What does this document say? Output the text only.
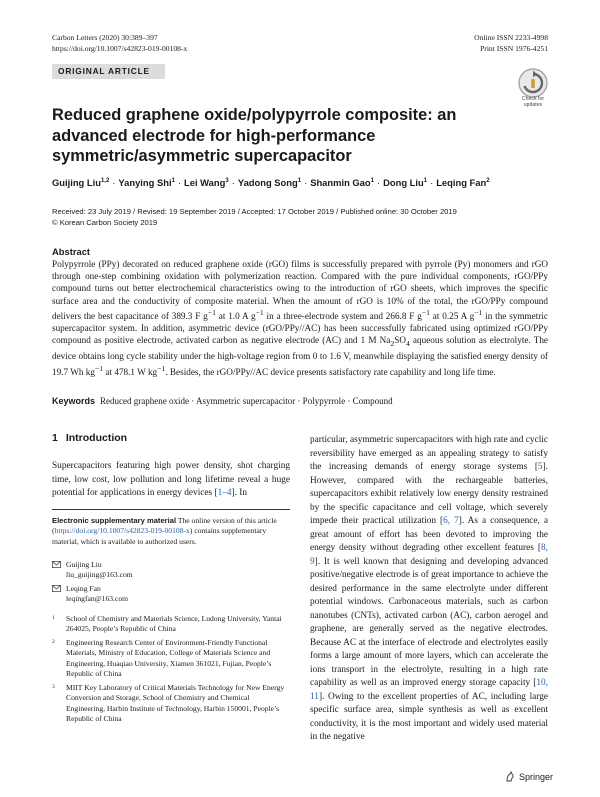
Carbon Letters (2020) 30:389–397
https://doi.org/10.1007/s42823-019-00108-x
Online ISSN 2233-4998
Print ISSN 1976-4251
ORIGINAL ARTICLE
Check for
updates
Reduced graphene oxide/polypyrrole composite: an advanced electrode for high-performance symmetric/asymmetric supercapacitor
Guijing Liu$^{1,2}$ · Yanying Shi$^1$ · Lei Wang$^3$ · Yadong Song$^1$ · Shanmin Gao$^1$ · Dong Liu$^1$ · Leqing Fan$^2$
Received: 23 July 2019 / Revised: 19 September 2019 / Accepted: 17 October 2019 / Published online: 30 October 2019
© Korean Carbon Society 2019
Abstract
Polypyrrole (PPy) decorated on reduced graphene oxide (rGO) films is successfully prepared with pyrrole (Py) monomers and rGO through one-step combining oxidation with polymerization reaction. Compared with the pure individual components, rGO/PPy compound turns out better electrochemical characteristics owing to the introduction of rGO sheets, which improves the specific surface area and the conductivity of composite material. When the amount of rGO is 10% of the total, the rGO/PPy compound delivers the best capacitance of 389.3 F $g^{-1}$ at 1.0 A $g^{-1}$ in a three-electrode system and 266.8 F $g^{-1}$ at 0.25 A $g^{-1}$ in the symmetric supercapacitor system. In addition, asymmetric device (rGO/PPy//AC) has been successfully fabricated using optimized rGO/PPy compound as positive electrode, activated carbon as negative electrode (AC) and 1 M $Na_2SO_4$ aqueous solution as electrolyte. The device obtains long cycle stability under the high-voltage region from 0 to 1.6 V, meanwhile displaying the satisfied energy density of 19.7 Wh $kg^{-1}$ at 478.1 W $kg^{-1}$. Besides, the rGO/PPy//AC device presents satisfactory rate capability and long life time.
Keywords Reduced graphene oxide · Asymmetric supercapacitor · Polypyrrole · Compound
1 Introduction
Supercapacitors featuring high power density, shot charging time, low cost, low pollution and long lifetime reveal a huge potential for applications in energy devices [1–4]. In
Electronic supplementary material The online version of this article (https://doi.org/10.1007/s42823-019-00108-x) contains supplementary material, which is available to authorized users.
Guijing Liu
liu_guijing@163.com
Leqing Fan
leqingfan@163.com
1 School of Chemistry and Materials Science, Ludong University, Yantai 264025, People’s Republic of China
2 Engineering Research Center of Environment-Friendly Functional Materials, Ministry of Education, College of Materials Science and Engineering, Huaqiao University, Xiamen 361021, Fujian, People’s Republic of China
3 MIIT Key Laboratory of Critical Materials Technology for New Energy Conversion and Storage, School of Chemistry and Chemical Engineering, Harbin Institute of Technology, Harbin 150001, People’s Republic of China
particular, asymmetric supercapacitors with high rate and cyclic reversibility have emerged as an appealing strategy to satisfy the increasing demands of energy storage systems [5]. However, compared with the rechargeable batteries, supercapacitors exhibit relatively low energy density restrained by the specific capacitance and cell voltage, which severely impede their practical utilization [6, 7]. As a consequence, a great amount of effort has been devoted to improving the energy density without degrading other excellent features [8, 9]. It is well known that designing and developing advanced positive/negative electrode is of great importance to achieve the desired performance in the same electrolyte under different potential windows. Carbonaceous materials, such as carbon nanotubes (CNTs), activated carbon (AC), carbon aerogel and graphene, are generally served as the negative electrodes. Because AC at the interface of electrode and electrolytes easily forms a large amount of more layers, which can accelerate the ions transport in the electrolyte, resulting in a high rate capability as well as an improved energy storage capacity [10, 11]. Owing to the excellent properties of AC, including large specific surface area, simple synthesis as well as excellent conductivity, it is the most important and widely used material in the negative
Springer
